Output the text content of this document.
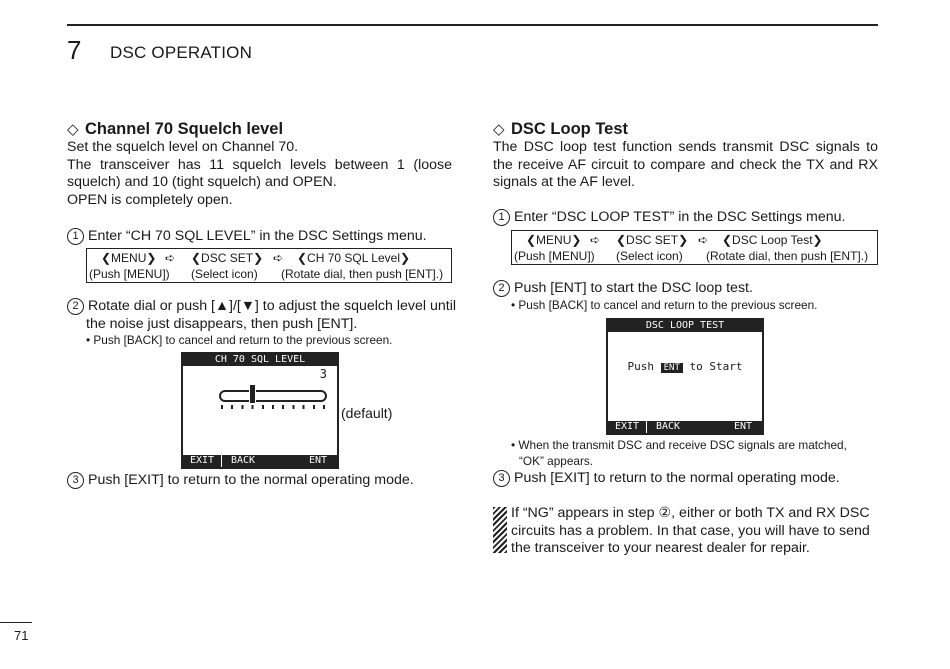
7 DSC OPERATION
◇ Channel 70 Squelch level
Set the squelch level on Channel 70.
The transceiver has 11 squelch levels between 1 (loose squelch) and 10 (tight squelch) and OPEN.
OPEN is completely open.
1 Enter “CH 70 SQL LEVEL” in the DSC Settings menu.
❮MENU❯ ➪ ❮DSC SET❯ ➪ ❮CH 70 SQL Level❯
(Push [MENU]) (Select icon) (Rotate dial, then push [ENT].)
2 Rotate dial or push [▲]/[▼] to adjust the squelch level until
the noise just disappears, then push [ENT].
• Push [BACK] to cancel and return to the previous screen.
CH 70 SQL LEVEL
3
EXIT	BACK	ENT
(default)
3 Push [EXIT] to return to the normal operating mode.
◇ DSC Loop Test
The DSC loop test function sends transmit DSC signals to the receive AF circuit to compare and check the TX and RX signals at the AF level.
1 Enter “DSC LOOP TEST” in the DSC Settings menu.
❮MENU❯ ➪ ❮DSC SET❯ ➪ ❮DSC Loop Test❯
(Push [MENU]) (Select icon) (Rotate dial, then push [ENT].)
2 Push [ENT] to start the DSC loop test.
• Push [BACK] to cancel and return to the previous screen.
DSC LOOP TEST
Push ENT to Start
EXIT	BACK	ENT
• When the transmit DSC and receive DSC signals are matched,
“OK” appears.
3 Push [EXIT] to return to the normal operating mode.
If “NG” appears in step ②, either or both TX and RX DSC
circuits has a problem. In that case, you will have to send
the transceiver to your nearest dealer for repair.
71
